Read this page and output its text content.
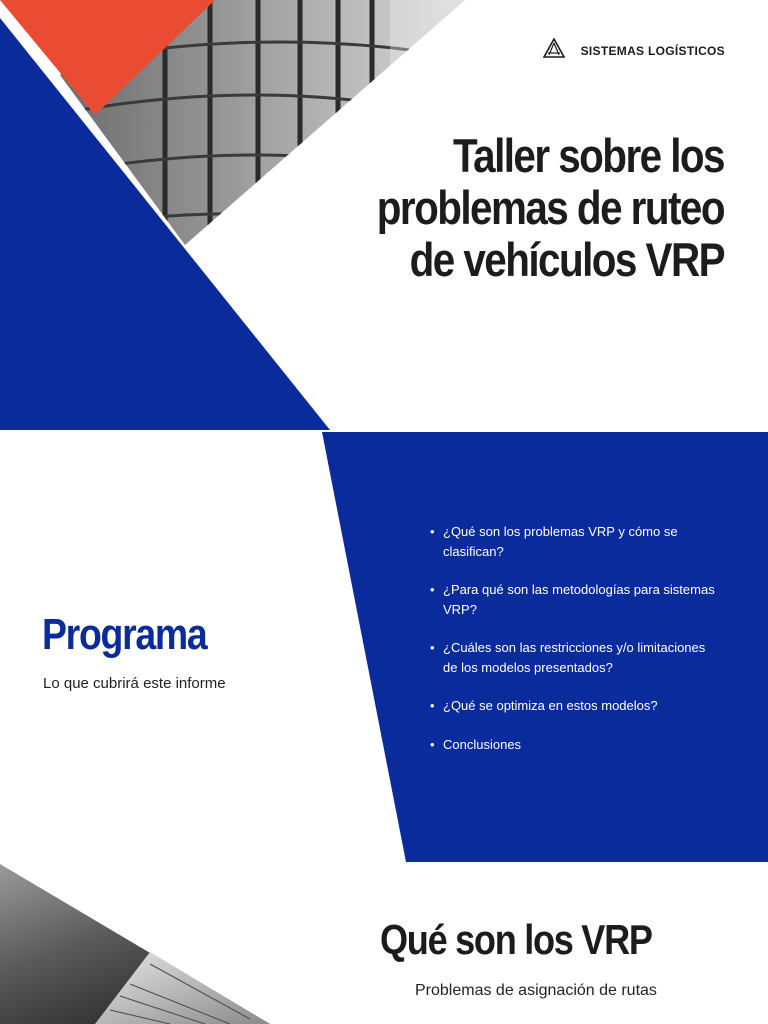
SISTEMAS LOGÍSTICOS
Taller sobre los
problemas de ruteo
de vehículos VRP
Programa

Lo que cubrirá este informe

• ¿Qué son los problemas VRP y cómo se clasifican?
• ¿Para qué son las metodologías para sistemas VRP?
• ¿Cuáles son las restricciones y/o limitaciones de los modelos presentados?
• ¿Qué se optimiza en estos modelos?
• Conclusiones
Qué son los VRP

Problemas de asignación de rutas
